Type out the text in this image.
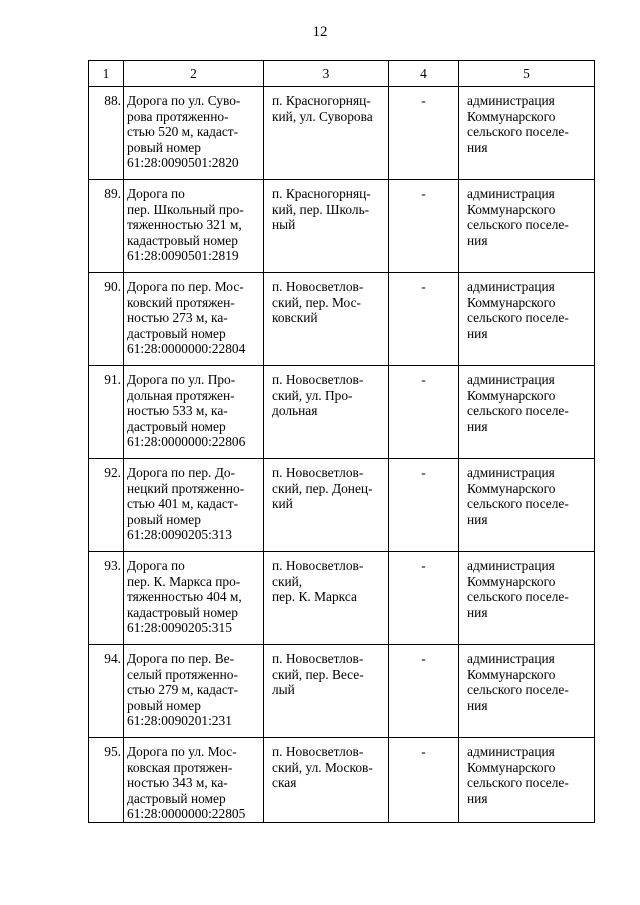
12
1	2	3	4	5
88.	Дорога по ул. Суво-
рова протяженно-
стью 520 м, кадаст-
ровый номер
61:28:0090501:2820	п. Красногорняц-
кий, ул. Суворова	-	администрация
Коммунарского
сельского поселе-
ния

89.	Дорога по
пер. Школьный про-
тяженностью 321 м,
кадастровый номер
61:28:0090501:2819	п. Красногорняц-
кий, пер. Школь-
ный	-	администрация
Коммунарского
сельского поселе-
ния

90.	Дорога по пер. Мос-
ковский протяжен-
ностью 273 м, ка-
дастровый номер
61:28:0000000:22804	п. Новосветлов-
ский, пер. Мос-
ковский	-	администрация
Коммунарского
сельского поселе-
ния

91.	Дорога по ул. Про-
дольная протяжен-
ностью 533 м, ка-
дастровый номер
61:28:0000000:22806	п. Новосветлов-
ский, ул. Про-
дольная	-	администрация
Коммунарского
сельского поселе-
ния

92.	Дорога по пер. До-
нецкий протяженно-
стью 401 м, кадаст-
ровый номер
61:28:0090205:313	п. Новосветлов-
ский, пер. Донец-
кий	-	администрация
Коммунарского
сельского поселе-
ния

93.	Дорога по
пер. К. Маркса про-
тяженностью 404 м,
кадастровый номер
61:28:0090205:315	п. Новосветлов-
ский,
пер. К. Маркса	-	администрация
Коммунарского
сельского поселе-
ния

94.	Дорога по пер. Ве-
селый протяженно-
стью 279 м, кадаст-
ровый номер
61:28:0090201:231	п. Новосветлов-
ский, пер. Весе-
лый	-	администрация
Коммунарского
сельского поселе-
ния

95.	Дорога по ул. Мос-
ковская протяжен-
ностью 343 м, ка-
дастровый номер
61:28:0000000:22805	п. Новосветлов-
ский, ул. Москов-
ская	-	администрация
Коммунарского
сельского поселе-
ния
